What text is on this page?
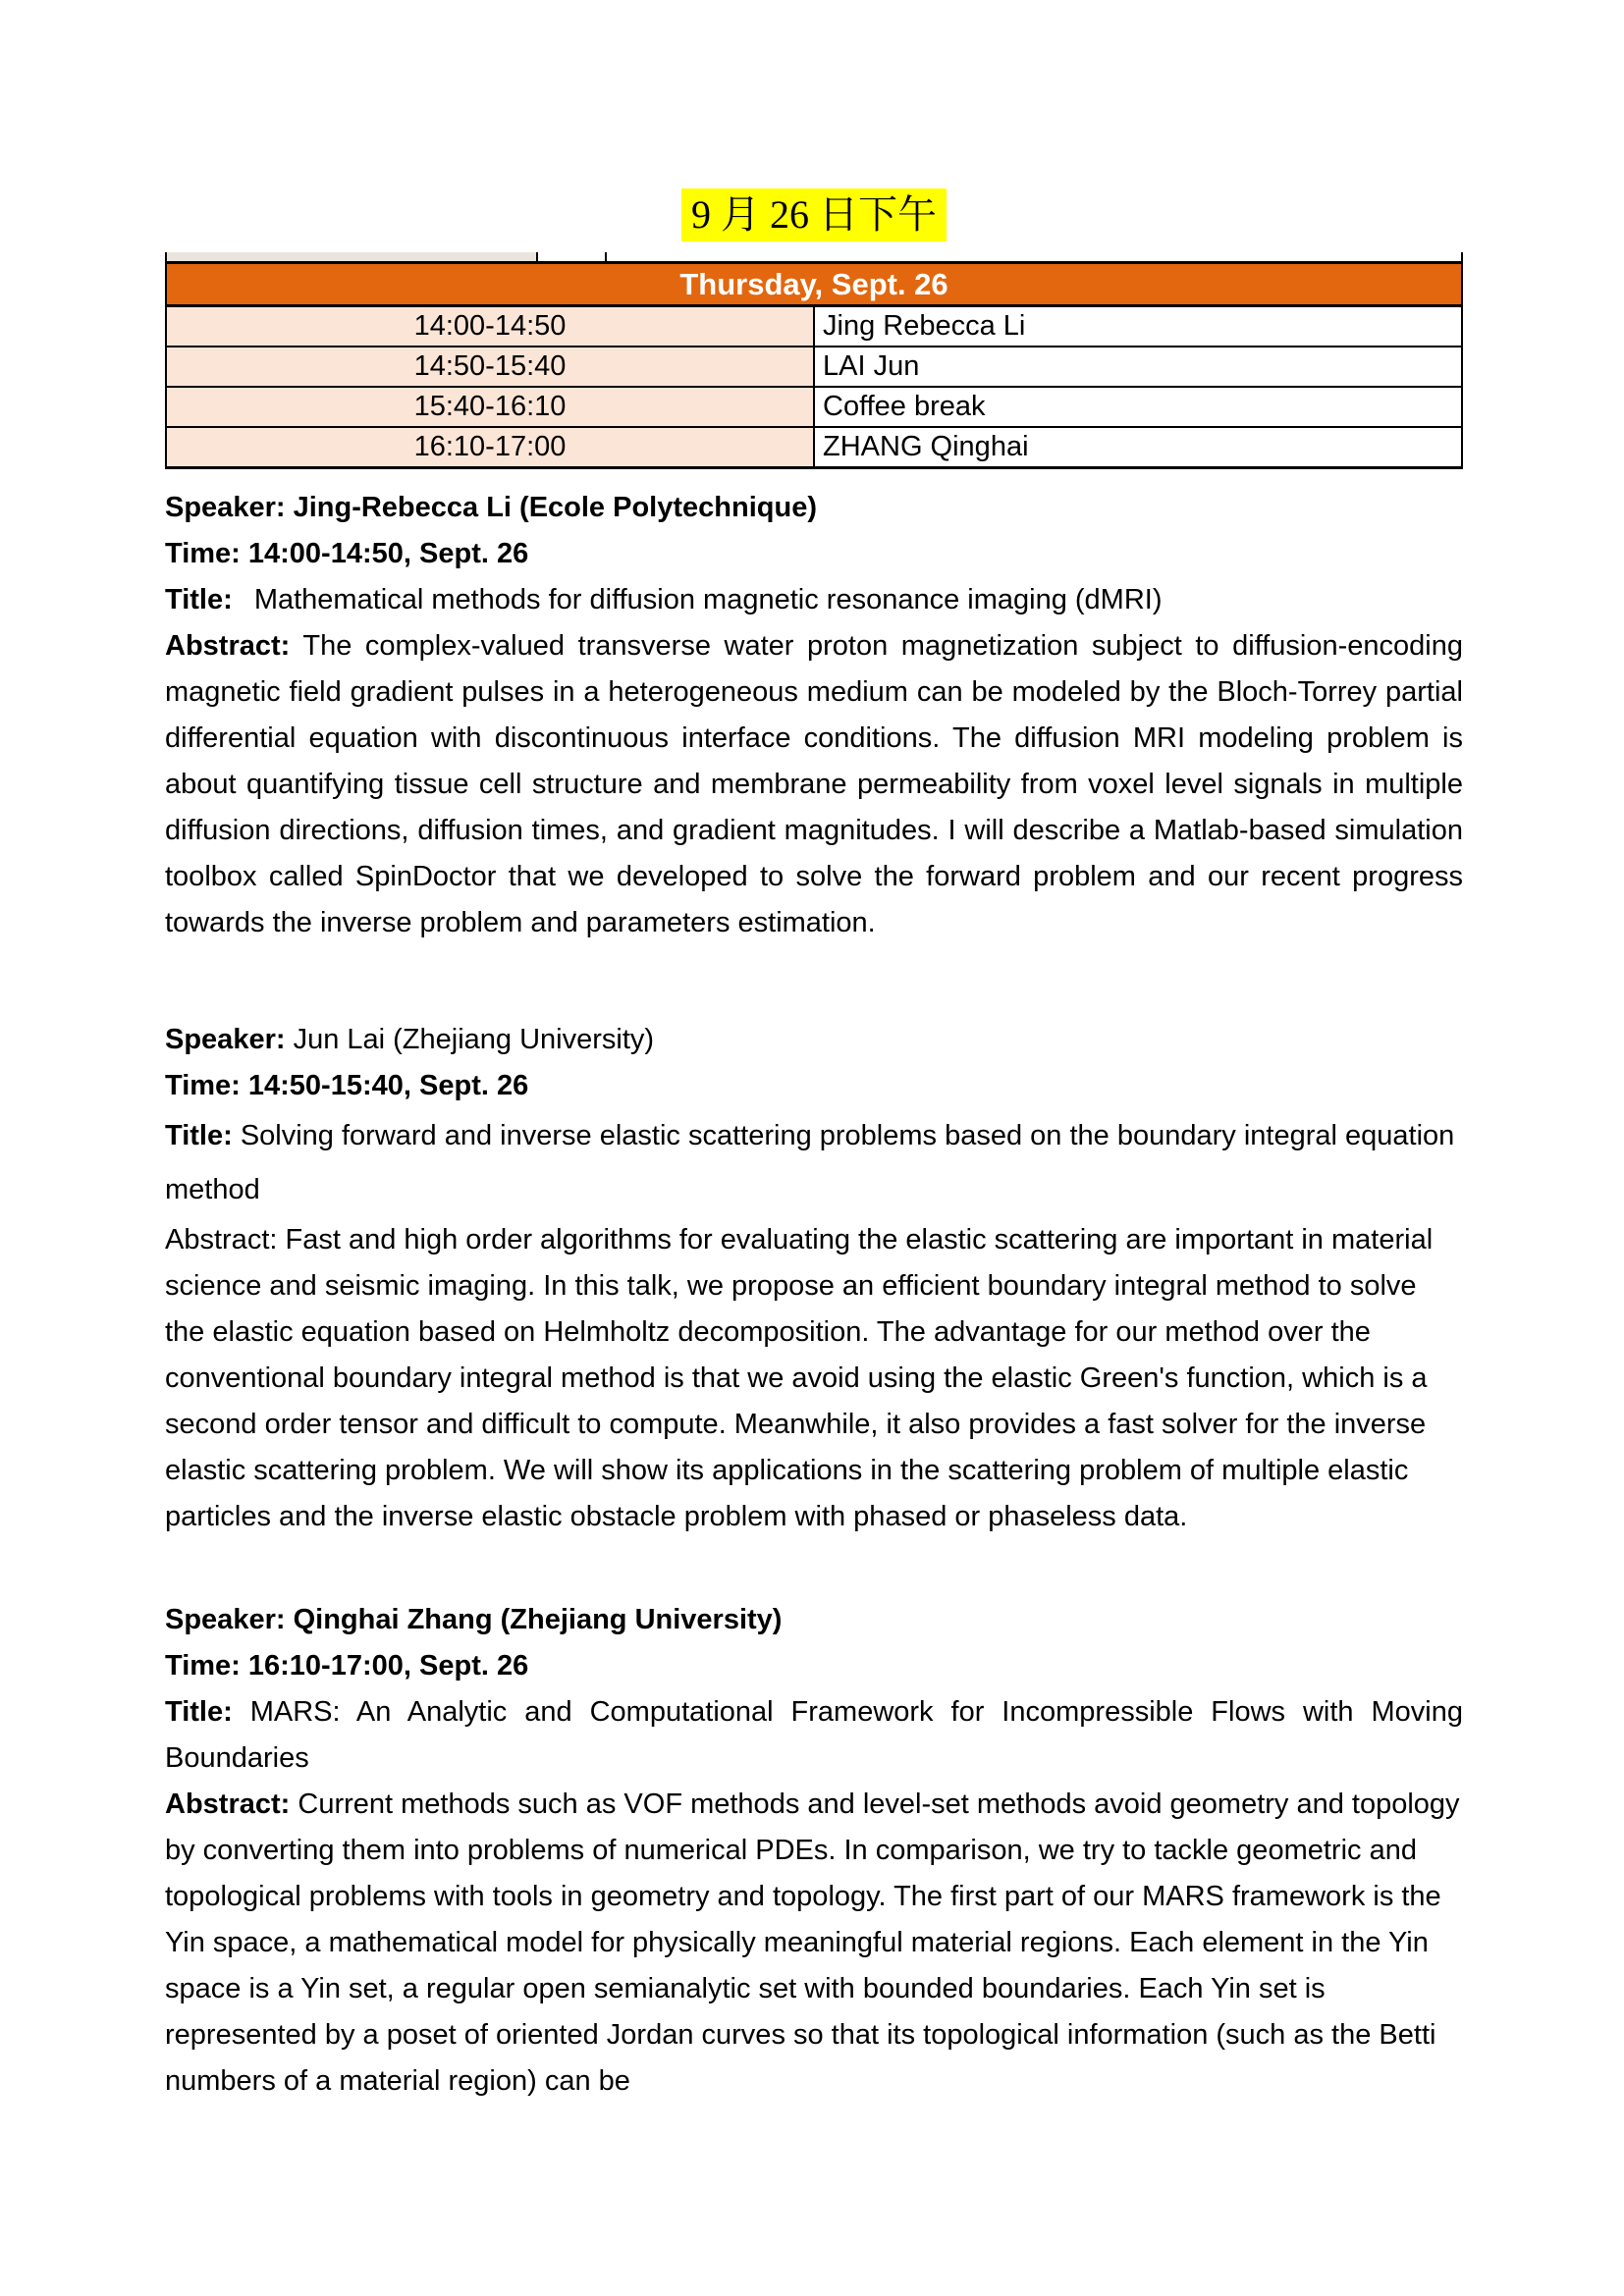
9 月 26 日下午
Thursday, Sept. 26	
14:00-14:50	Jing Rebecca Li
14:50-15:40	LAI Jun
15:40-16:10	Coffee break
16:10-17:00	ZHANG Qinghai

Speaker: Jing-Rebecca Li (Ecole Polytechnique)

Time: 14:00-14:50, Sept. 26

Title: Mathematical methods for diffusion magnetic resonance imaging (dMRI)

Abstract: The complex-valued transverse water proton magnetization subject to diffusion-encoding magnetic field gradient pulses in a heterogeneous medium can be modeled by the Bloch-Torrey partial differential equation with discontinuous interface conditions. The diffusion MRI modeling problem is about quantifying tissue cell structure and membrane permeability from voxel level signals in multiple diffusion directions, diffusion times, and gradient magnitudes. I will describe a Matlab-based simulation toolbox called SpinDoctor that we developed to solve the forward problem and our recent progress towards the inverse problem and parameters estimation.

Speaker: Jun Lai (Zhejiang University)

Time: 14:50-15:40, Sept. 26

Title: Solving forward and inverse elastic scattering problems based on the boundary integral equation method

Abstract: Fast and high order algorithms for evaluating the elastic scattering are important in material science and seismic imaging. In this talk, we propose an efficient boundary integral method to solve the elastic equation based on Helmholtz decomposition. The advantage for our method over the conventional boundary integral method is that we avoid using the elastic Green's function, which is a second order tensor and difficult to compute. Meanwhile, it also provides a fast solver for the inverse elastic scattering problem. We will show its applications in the scattering problem of multiple elastic particles and the inverse elastic obstacle problem with phased or phaseless data.

Speaker: Qinghai Zhang (Zhejiang University)

Time: 16:10-17:00, Sept. 26

Title: MARS: An Analytic and Computational Framework for Incompressible Flows with Moving Boundaries

Abstract: Current methods such as VOF methods and level-set methods avoid geometry and topology by converting them into problems of numerical PDEs. In comparison, we try to tackle geometric and topological problems with tools in geometry and topology. The first part of our MARS framework is the Yin space, a mathematical model for physically meaningful material regions. Each element in the Yin space is a Yin set, a regular open semianalytic set with bounded boundaries. Each Yin set is represented by a poset of oriented Jordan curves so that its topological information (such as the Betti numbers of a material region) can be
